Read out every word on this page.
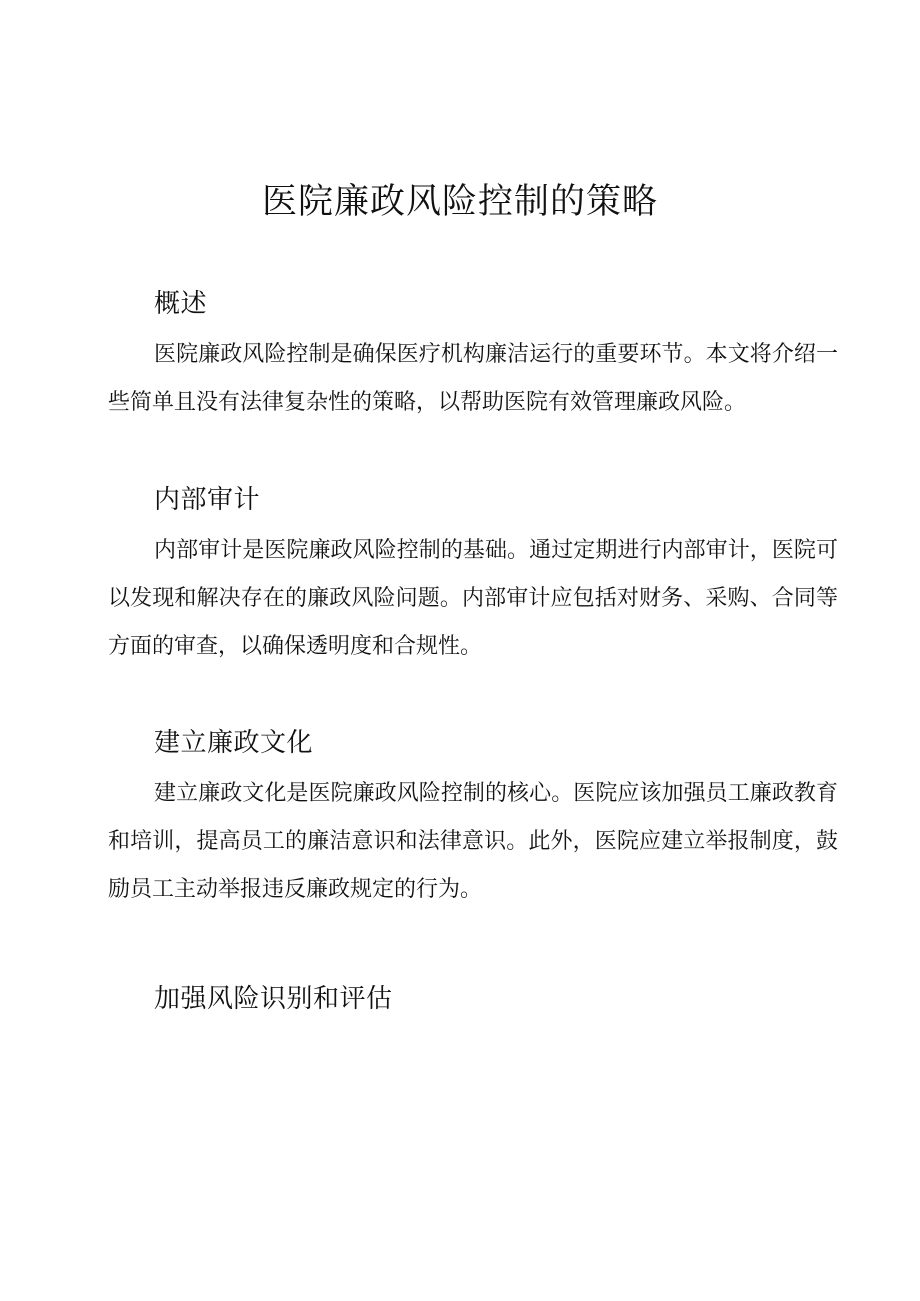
医院廉政风险控制的策略
概述

医院廉政风险控制是确保医疗机构廉洁运行的重要环节。本文将介绍一些简单且没有法律复杂性的策略，以帮助医院有效管理廉政风险。

内部审计

内部审计是医院廉政风险控制的基础。通过定期进行内部审计，医院可以发现和解决存在的廉政风险问题。内部审计应包括对财务、采购、合同等方面的审查，以确保透明度和合规性。

建立廉政文化

建立廉政文化是医院廉政风险控制的核心。医院应该加强员工廉政教育和培训，提高员工的廉洁意识和法律意识。此外，医院应建立举报制度，鼓励员工主动举报违反廉政规定的行为。

加强风险识别和评估
